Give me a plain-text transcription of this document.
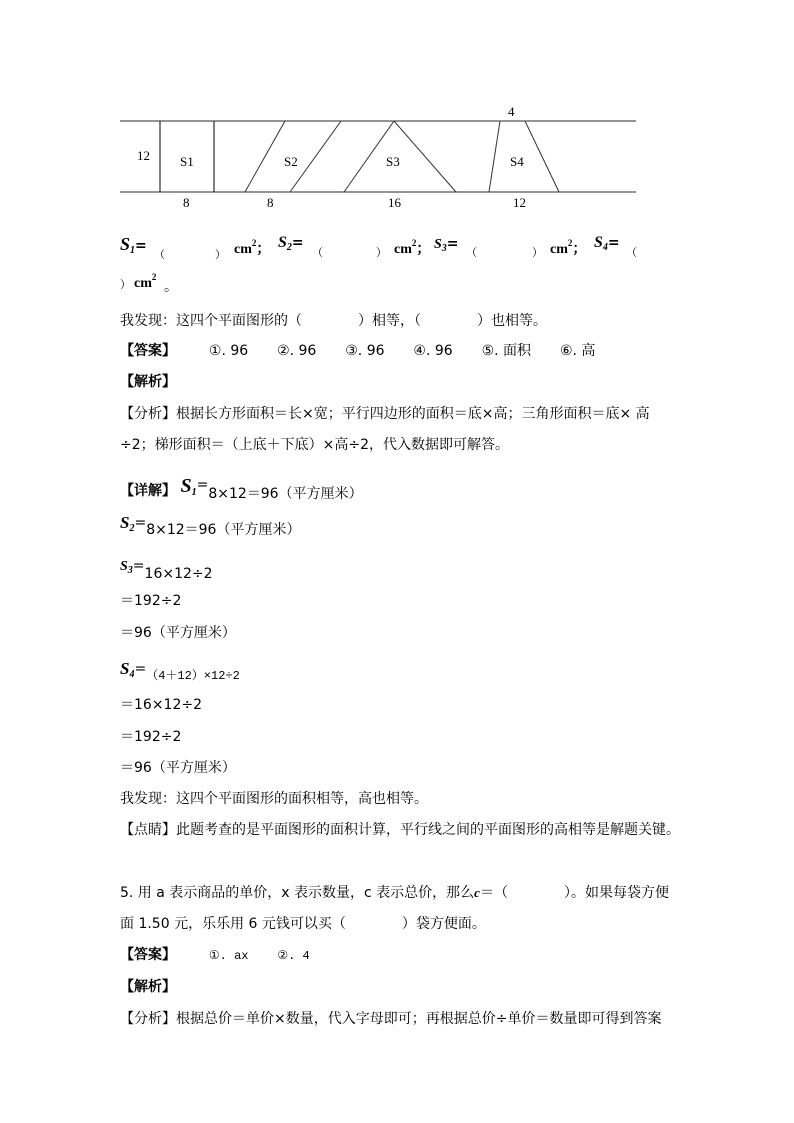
12 S1	S2	S3	S4
4
8	8	16	12
$S_1=$
（	） $cm^2$； $S_2=$
（	） $cm^2$； $S_3=$
（	） $cm^2$； $S_4=$
（
） $cm^2$
。
我发现：这四个平面图形的（　　　　）相等，（　　　　）也相等。
【答案】 ①. 96 ②. 96 ③. 96 ④. 96 ⑤. 面积 ⑥. 高
【解析】
【分析】根据长方形面积＝长×宽；平行四边形的面积＝底×高；三角形面积＝底× 高
÷2；梯形面积＝（上底＋下底）×高÷2，代入数据即可解答。
【详解】 $S_1=8\times 12=96$（平方厘米）
$S_2=8\times 12=96$（平方厘米）
$S_3=16\times 12\div 2$
＝192÷2
＝96（平方厘米）
$S_4=(4+12)\times 12\div 2$
＝16×12÷2
＝192÷2
＝96（平方厘米）
我发现：这四个平面图形的面积相等，高也相等。
【点睛】此题考查的是平面图形的面积计算，平行线之间的平面图形的高相等是解题关键。
5. 用 a 表示商品的单价，x 表示数量，c 表示总价，那么c＝（　　　　）。如果每袋方便
面 1.50 元，乐乐用 6 元钱可以买（　　　　）袋方便面。
【答案】	①. ax ②. 4
【解析】
【分析】根据总价＝单价×数量，代入字母即可；再根据总价÷单价＝数量即可得到答案
